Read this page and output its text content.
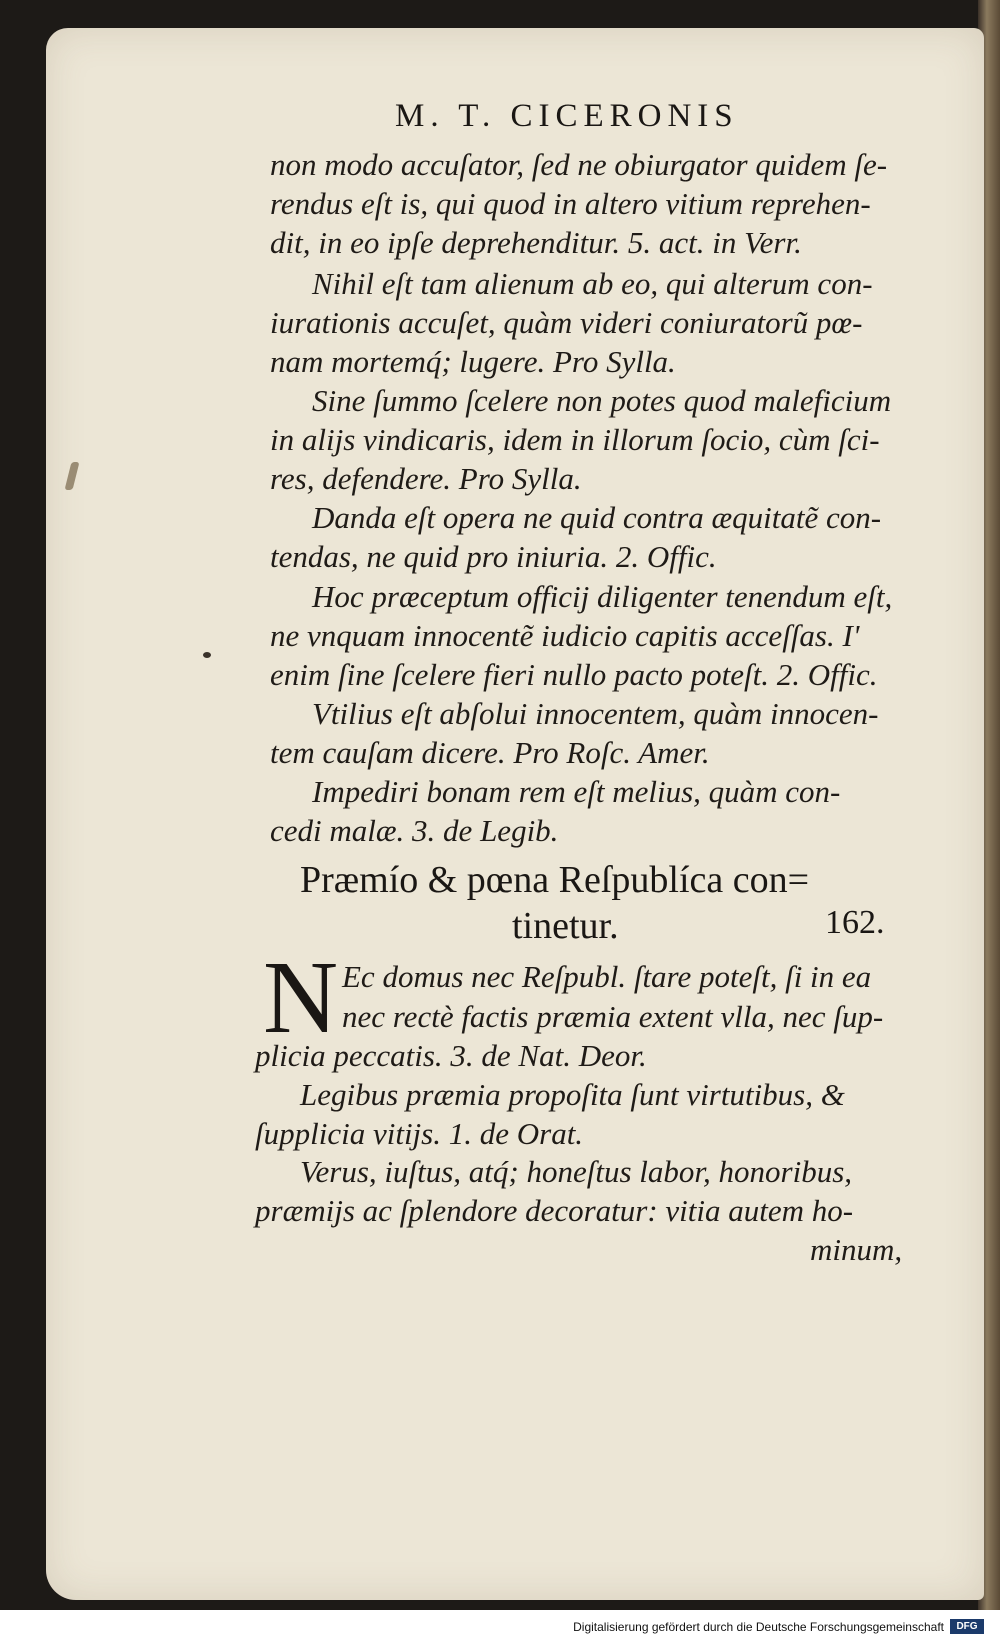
M. T. CICERONIS
non modo accuſator, ſed ne obiurgator quidem ſe-
rendus eſt is, qui quod in altero vitium reprehen-
dit, in eo ipſe deprehenditur. 5. act. in Verr.
Nihil eſt tam alienum ab eo, qui alterum con-
iurationis accuſet, quàm videri coniuratorũ pœ-
nam mortemq́; lugere. Pro Sylla.
Sine ſummo ſcelere non potes quod maleficium
in alijs vindicaris, idem in illorum ſocio, cùm ſci-
res, defendere. Pro Sylla.
Danda eſt opera ne quid contra æquitatẽ con-
tendas, ne quid pro iniuria. 2. Offic.
Hoc præceptum officij diligenter tenendum eſt,
ne vnquam innocentẽ iudicio capitis acceſſas. I'
enim ſine ſcelere fieri nullo pacto poteſt. 2. Offic.
Vtilius eſt abſolui innocentem, quàm innocen-
tem cauſam dicere. Pro Roſc. Amer.
Impediri bonam rem eſt melius, quàm con-
cedi malæ. 3. de Legib.
Præmío & pœna Reſpublíca con=
tinetur.	162.
N Ec domus nec Reſpubl. ſtare poteſt, ſi in ea
nec rectè factis præmia extent vlla, nec ſup-
plicia peccatis. 3. de Nat. Deor.
Legibus præmia propoſita ſunt virtutibus, &
ſupplicia vitijs. 1. de Orat.
Verus, iuſtus, atq́; honeſtus labor, honoribus,
præmijs ac ſplendore decoratur: vitia autem ho-
minum,
Digitalisierung gefördert durch die Deutsche Forschungsgemeinschaft	DFG
